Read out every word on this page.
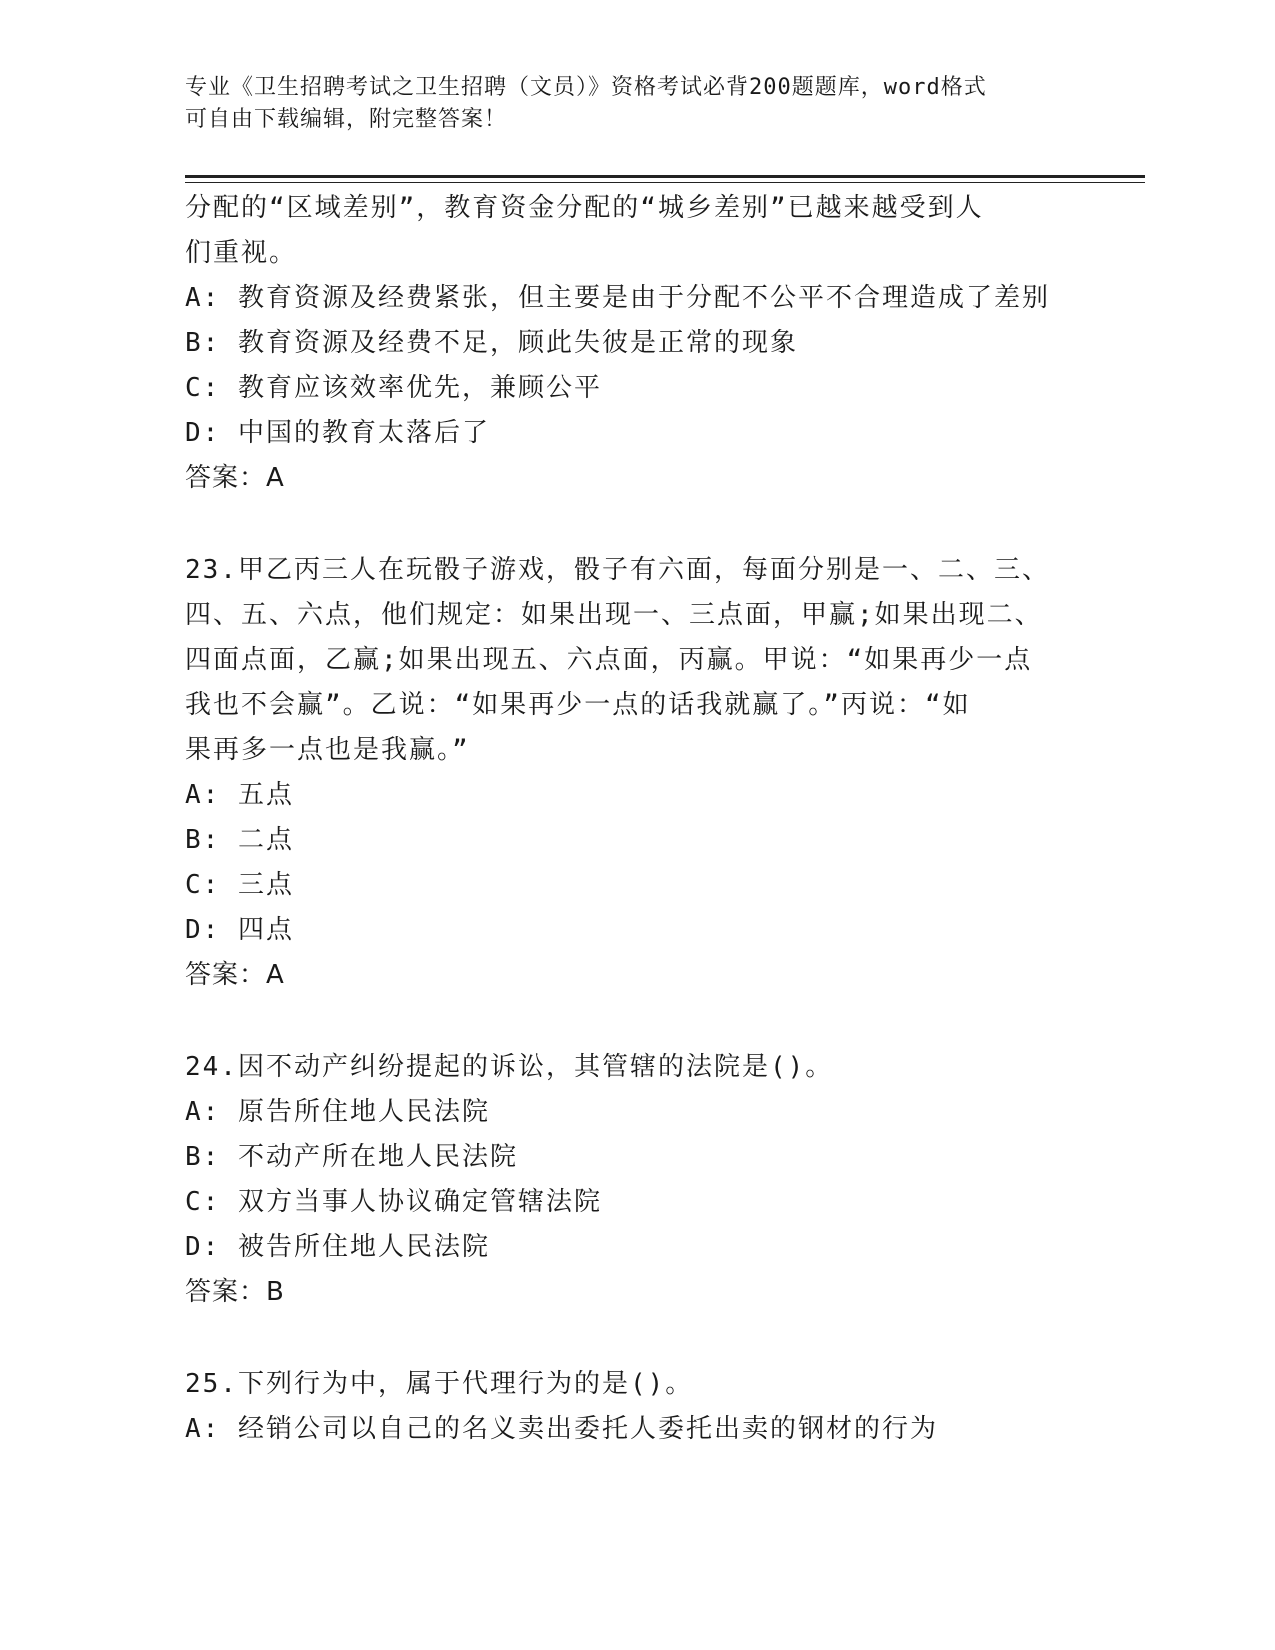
专业《卫生招聘考试之卫生招聘（文员）》资格考试必背200题题库，word格式
可自由下载编辑，附完整答案！
分配的“区域差别”，教育资金分配的“城乡差别”已越来越受到人
们重视。
A: 教育资源及经费紧张，但主要是由于分配不公平不合理造成了差别
B: 教育资源及经费不足，顾此失彼是正常的现象
C: 教育应该效率优先，兼顾公平
D: 中国的教育太落后了
答案：A
23.甲乙丙三人在玩骰子游戏，骰子有六面，每面分别是一、二、三、
四、五、六点，他们规定：如果出现一、三点面，甲赢;如果出现二、
四面点面，乙赢;如果出现五、六点面，丙赢。甲说：“如果再少一点
我也不会赢”。乙说：“如果再少一点的话我就赢了。”丙说：“如
果再多一点也是我赢。”
A: 五点
B: 二点
C: 三点
D: 四点
答案：A
24.因不动产纠纷提起的诉讼，其管辖的法院是()。
A: 原告所住地人民法院
B: 不动产所在地人民法院
C: 双方当事人协议确定管辖法院
D: 被告所住地人民法院
答案：B
25.下列行为中，属于代理行为的是()。
A: 经销公司以自己的名义卖出委托人委托出卖的钢材的行为
